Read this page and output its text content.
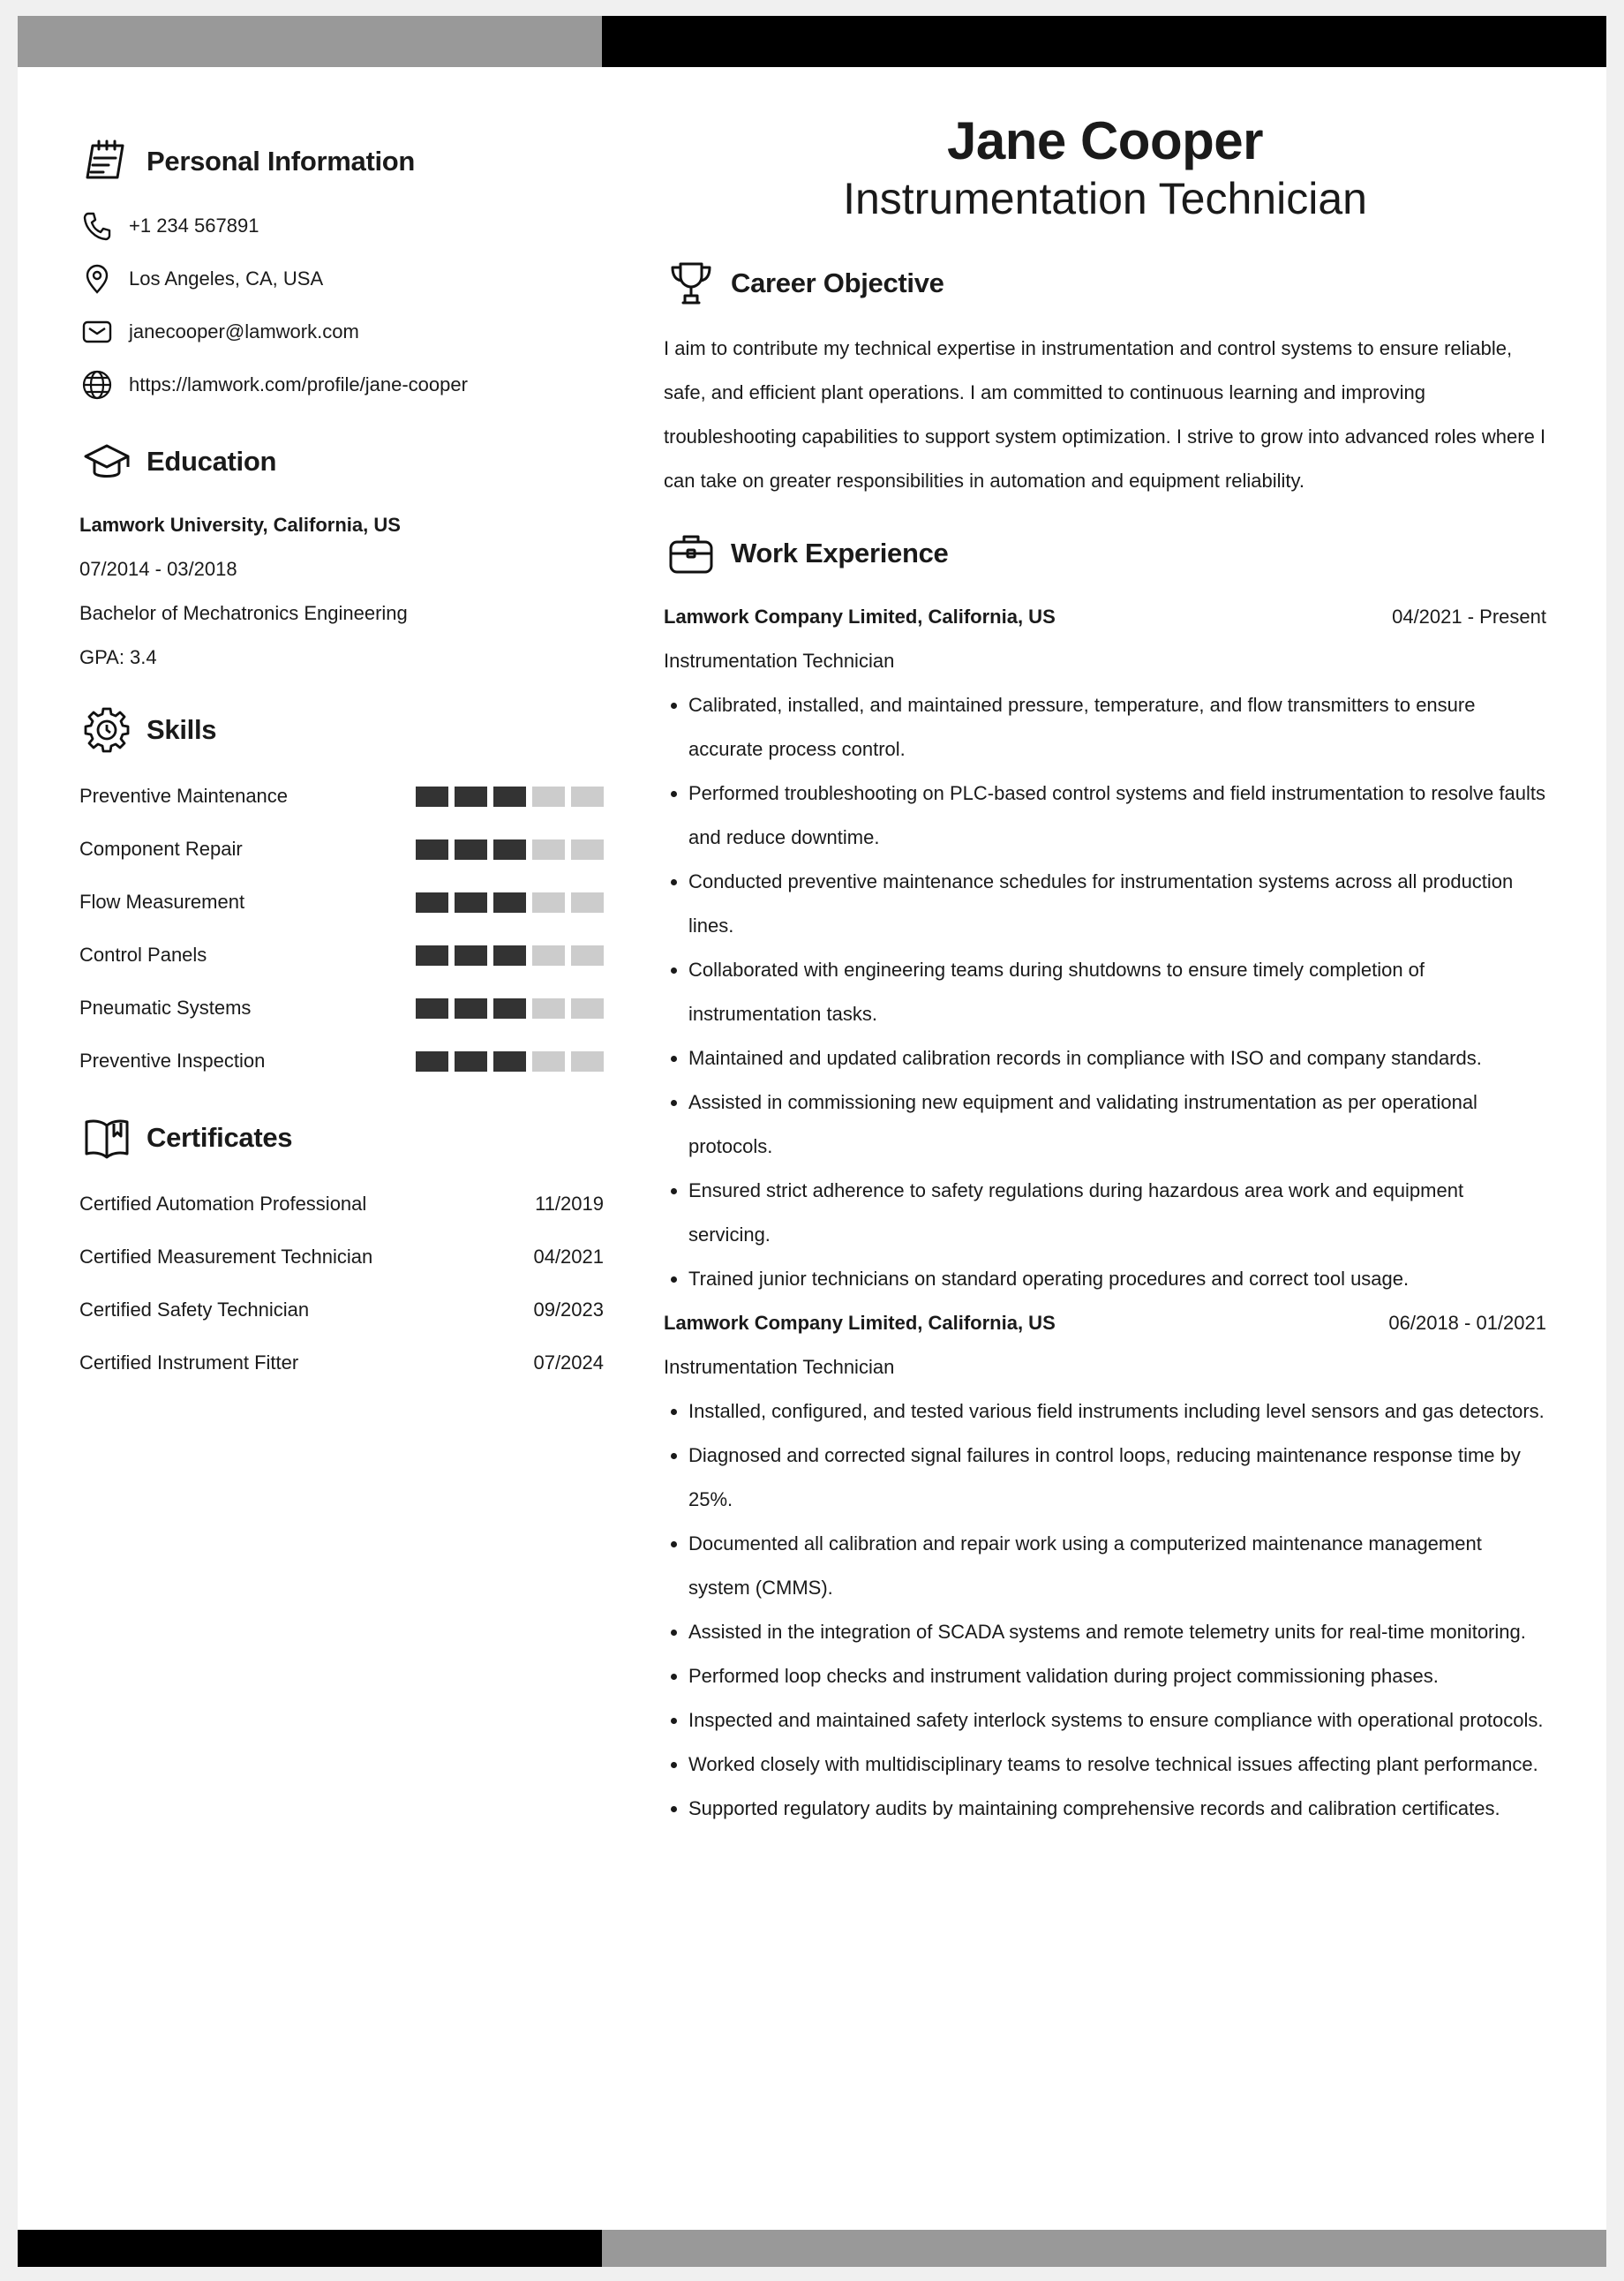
Personal Information
+1 234 567891
Los Angeles, CA, USA
janecooper@lamwork.com
https://lamwork.com/profile/jane-cooper
Education
Lamwork University, California, US
07/2014 - 03/2018
Bachelor of Mechatronics Engineering
GPA: 3.4
Skills
Preventive Maintenance
Component Repair
Flow Measurement
Control Panels
Pneumatic Systems
Preventive Inspection
Certificates
Certified Automation Professional	11/2019
Certified Measurement Technician	04/2021
Certified Safety Technician	09/2023
Certified Instrument Fitter	07/2024
Jane Cooper
Instrumentation Technician
Career Objective

I aim to contribute my technical expertise in instrumentation and control systems to ensure reliable, safe, and efficient plant operations. I am committed to continuous learning and improving troubleshooting capabilities to support system optimization. I strive to grow into advanced roles where I can take on greater responsibilities in automation and equipment reliability.

Work Experience
Lamwork Company Limited, California, US	04/2021 - Present
Instrumentation Technician
Calibrated, installed, and maintained pressure, temperature, and flow transmitters to ensure accurate process control.
Performed troubleshooting on PLC-based control systems and field instrumentation to resolve faults and reduce downtime.
Conducted preventive maintenance schedules for instrumentation systems across all production lines.
Collaborated with engineering teams during shutdowns to ensure timely completion of instrumentation tasks.
Maintained and updated calibration records in compliance with ISO and company standards.
Assisted in commissioning new equipment and validating instrumentation as per operational protocols.
Ensured strict adherence to safety regulations during hazardous area work and equipment servicing.
Trained junior technicians on standard operating procedures and correct tool usage.
Lamwork Company Limited, California, US	06/2018 - 01/2021
Instrumentation Technician
Installed, configured, and tested various field instruments including level sensors and gas detectors.
Diagnosed and corrected signal failures in control loops, reducing maintenance response time by 25%.
Documented all calibration and repair work using a computerized maintenance management system (CMMS).
Assisted in the integration of SCADA systems and remote telemetry units for real-time monitoring.
Performed loop checks and instrument validation during project commissioning phases.
Inspected and maintained safety interlock systems to ensure compliance with operational protocols.
Worked closely with multidisciplinary teams to resolve technical issues affecting plant performance.
Supported regulatory audits by maintaining comprehensive records and calibration certificates.
